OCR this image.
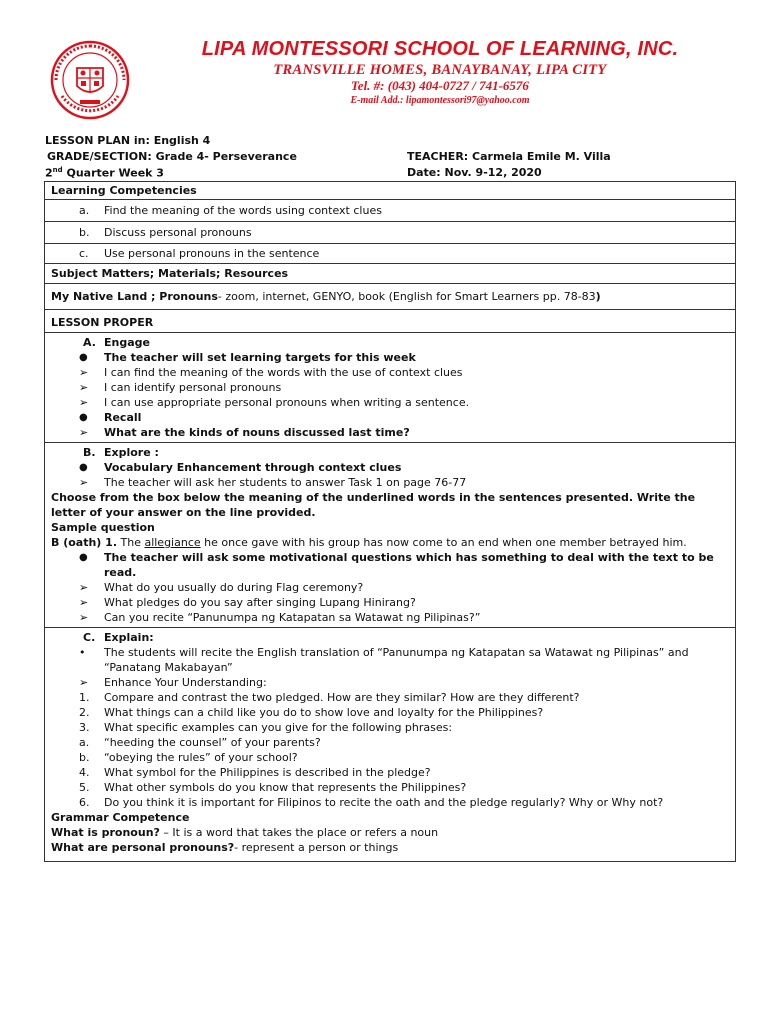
LIPA MONTESSORI SCHOOL OF LEARNING, INC.
TRANSVILLE HOMES, BANAYBANAY, LIPA CITY
Tel. #: (043) 404-0727 / 741-6576
E-mail Add.: lipamontessori97@yahoo.com
LESSON PLAN in: English 4
GRADE/SECTION: Grade 4- Perseverance	TEACHER: Carmela Emile M. Villa
2nd Quarter Week 3	Date: Nov. 9-12, 2020
Learning Competencies
a.	Find the meaning of the words using context clues
b.	Discuss personal pronouns
c.	Use personal pronouns in the sentence
Subject Matters; Materials; Resources
My Native Land ; Pronouns- zoom, internet, GENYO, book (English for Smart Learners pp. 78-83)
LESSON PROPER
A. Engage
●	The teacher will set learning targets for this week
➢	I can find the meaning of the words with the use of context clues
➢	I can identify personal pronouns
➢	I can use appropriate personal pronouns when writing a sentence.
●	Recall
➢	What are the kinds of nouns discussed last time?
B. Explore :
●	Vocabulary Enhancement through context clues
➢	The teacher will ask her students to answer Task 1 on page 76-77
Choose from the box below the meaning of the underlined words in the sentences presented. Write the letter of your answer on the line provided.
Sample question
B (oath) 1. The allegiance he once gave with his group has now come to an end when one member betrayed him.
●	The teacher will ask some motivational questions which has something to deal with the text to be read.
➢	What do you usually do during Flag ceremony?
➢	What pledges do you say after singing Lupang Hinirang?
➢	Can you recite “Panunumpa ng Katapatan sa Watawat ng Pilipinas?”
C. Explain:
•	The students will recite the English translation of “Panunumpa ng Katapatan sa Watawat ng Pilipinas” and “Panatang Makabayan”
➢	Enhance Your Understanding:
1.	Compare and contrast the two pledged. How are they similar? How are they different?
2.	What things can a child like you do to show love and loyalty for the Philippines?
3.	What specific examples can you give for the following phrases:
a.	“heeding the counsel” of your parents?
b.	“obeying the rules” of your school?
4.	What symbol for the Philippines is described in the pledge?
5.	What other symbols do you know that represents the Philippines?
6.	Do you think it is important for Filipinos to recite the oath and the pledge regularly? Why or Why not?
Grammar Competence
What is pronoun? – It is a word that takes the place or refers a noun
What are personal pronouns?- represent a person or things
